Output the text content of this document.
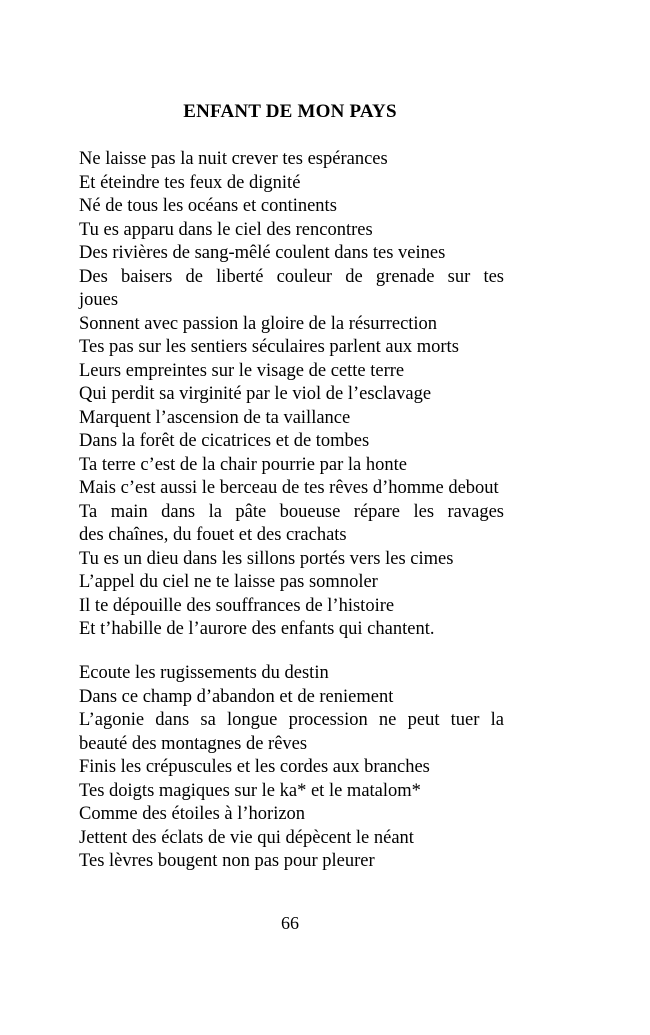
ENFANT DE MON PAYS
Ne laisse pas la nuit crever tes espérances
Et éteindre tes feux de dignité
Né de tous les océans et continents
Tu es apparu dans le ciel des rencontres
Des rivières de sang-mêlé coulent dans tes veines
Des baisers de liberté couleur de grenade sur tes
joues
Sonnent avec passion la gloire de la résurrection
Tes pas sur les sentiers séculaires parlent aux morts
Leurs empreintes sur le visage de cette terre
Qui perdit sa virginité par le viol de l’esclavage
Marquent l’ascension de ta vaillance
Dans la forêt de cicatrices et de tombes
Ta terre c’est de la chair pourrie par la honte
Mais c’est aussi le berceau de tes rêves d’homme debout
Ta main dans la pâte boueuse répare les ravages
des chaînes, du fouet et des crachats
Tu es un dieu dans les sillons portés vers les cimes
L’appel du ciel ne te laisse pas somnoler
Il te dépouille des souffrances de l’histoire
Et t’habille de l’aurore des enfants qui chantent.
Ecoute les rugissements du destin
Dans ce champ d’abandon et de reniement
L’agonie dans sa longue procession ne peut tuer la
beauté des montagnes de rêves
Finis les crépuscules et les cordes aux branches
Tes doigts magiques sur le ka* et le matalom*
Comme des étoiles à l’horizon
Jettent des éclats de vie qui dépècent le néant
Tes lèvres bougent non pas pour pleurer

66
